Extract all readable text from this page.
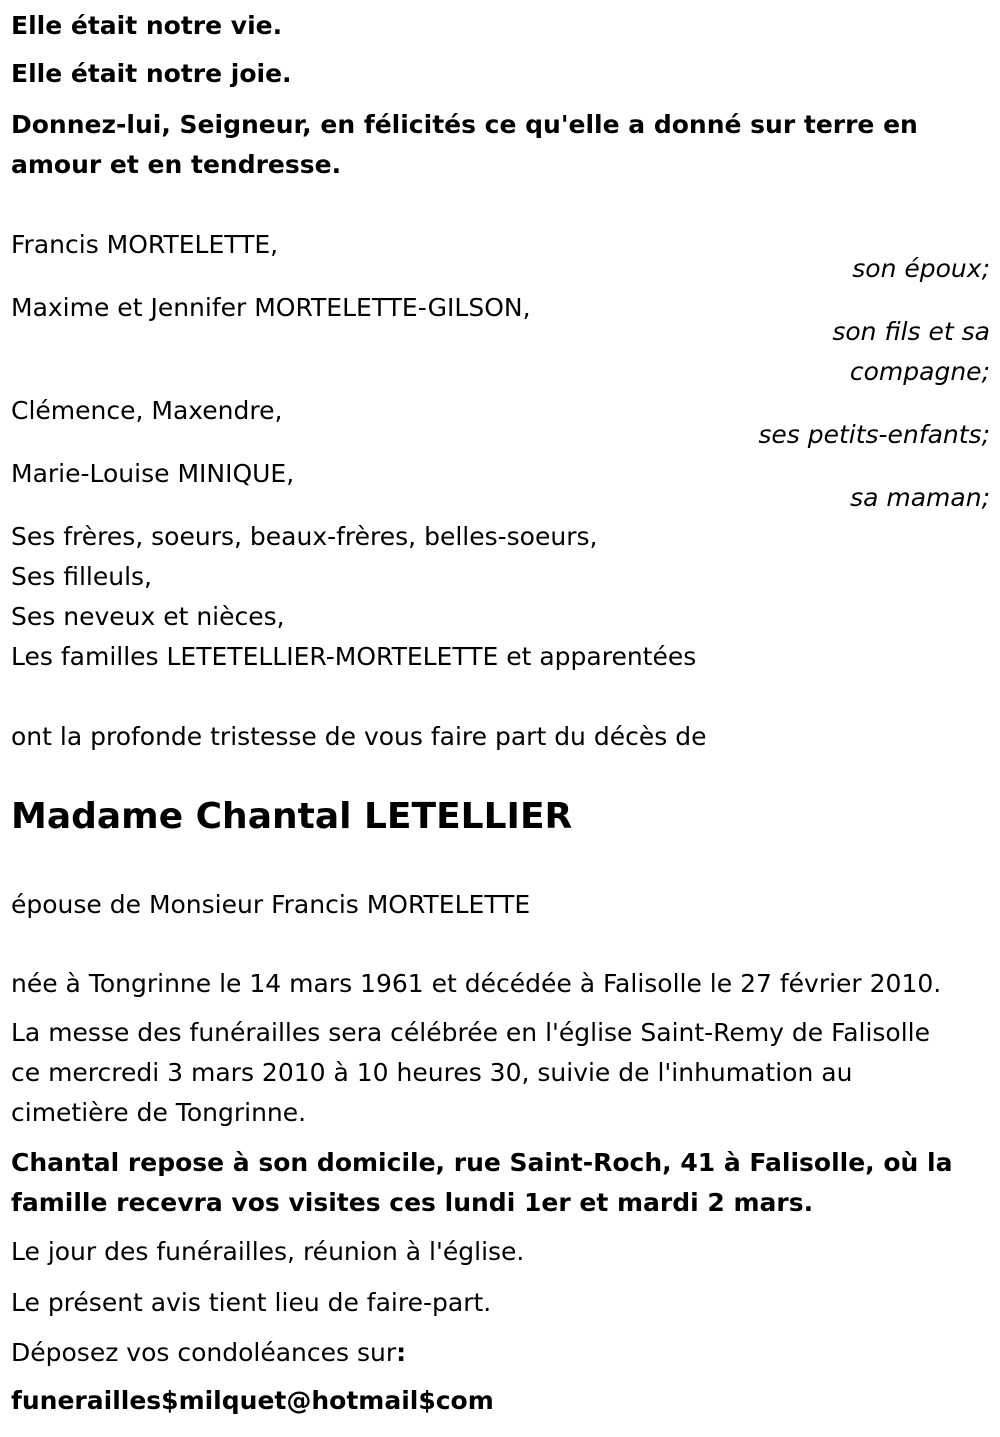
Elle était notre vie.
Elle était notre joie.
Donnez-lui, Seigneur, en félicités ce qu'elle a donné sur terre en
amour et en tendresse.
Francis MORTELETTE,
son époux;
Maxime et Jennifer MORTELETTE-GILSON,
son fils et sa
compagne;
Clémence, Maxendre,
ses petits-enfants;
Marie-Louise MINIQUE,
sa maman;
Ses frères, soeurs, beaux-frères, belles-soeurs,
Ses filleuls,
Ses neveux et nièces,
Les familles LETETELLIER-MORTELETTE et apparentées
ont la profonde tristesse de vous faire part du décès de
Madame Chantal LETELLIER
épouse de Monsieur Francis MORTELETTE
née à Tongrinne le 14 mars 1961 et décédée à Falisolle le 27 février 2010.
La messe des funérailles sera célébrée en l'église Saint-Remy de Falisolle
ce mercredi 3 mars 2010 à 10 heures 30, suivie de l'inhumation au
cimetière de Tongrinne.
Chantal repose à son domicile, rue Saint-Roch, 41 à Falisolle, où la
famille recevra vos visites ces lundi 1er et mardi 2 mars.
Le jour des funérailles, réunion à l'église.
Le présent avis tient lieu de faire-part.
Déposez vos condoléances sur:
funerailles$milquet@hotmail$com
